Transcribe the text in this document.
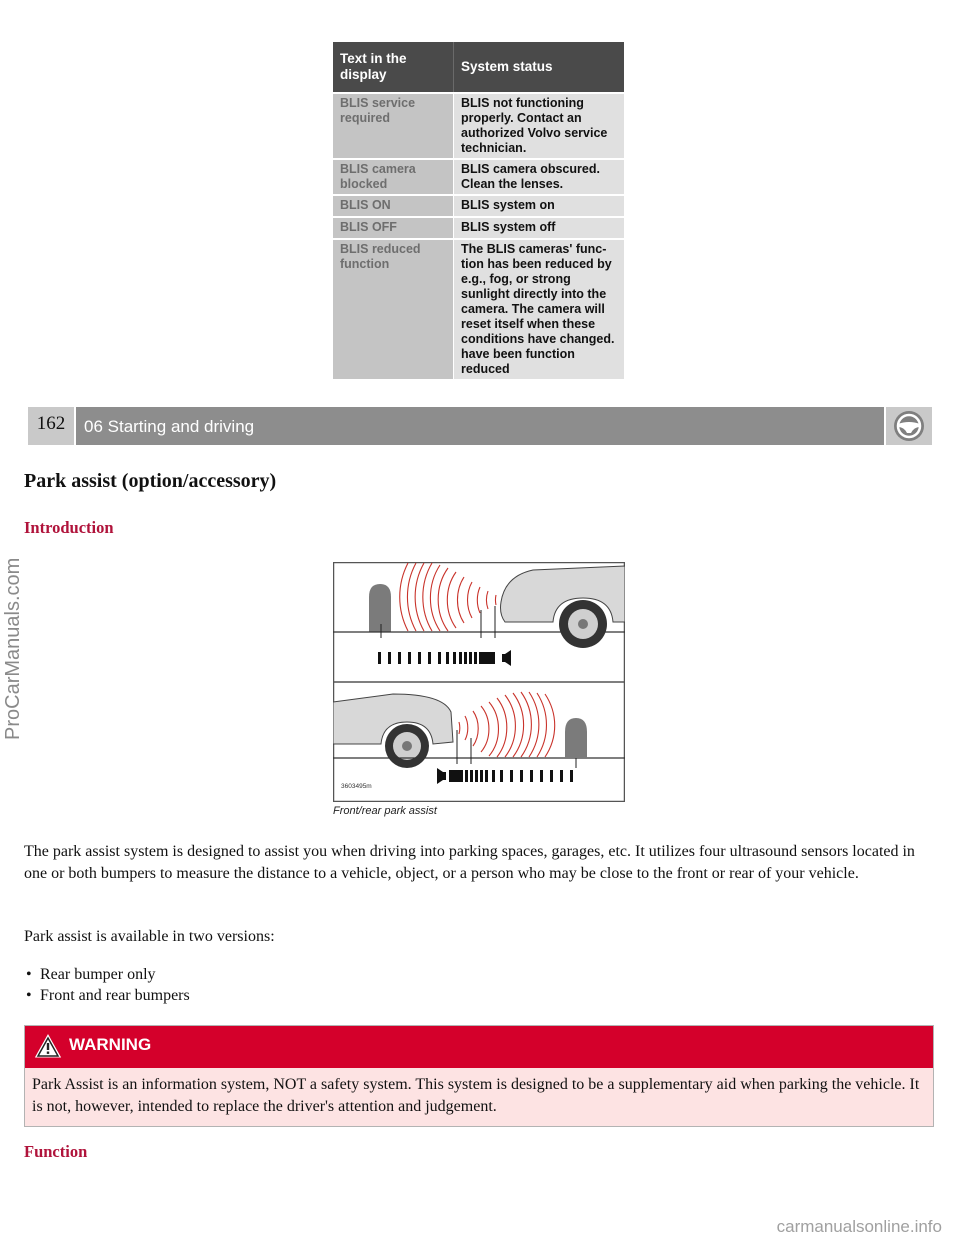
Text in the display	System status
BLIS service required	BLIS not functioning properly. Contact an authorized Volvo service technician.
BLIS camera blocked	BLIS camera obscured. Clean the lenses.
BLIS ON	BLIS system on
BLIS OFF	BLIS system off
BLIS reduced function	The BLIS cameras' func-tion has been reduced by e.g., fog, or strong sunlight directly into the camera. The camera will reset itself when these conditions have changed. have been function reduced
162	06 Starting and driving
Park assist (option/accessory)
Introduction
3603495m
Front/rear park assist

The park assist system is designed to assist you when driving into parking spaces, garages, etc. It utilizes four ultrasound sensors located in one or both bumpers to measure the distance to a vehicle, object, or a person who may be close to the front or rear of your vehicle.

Park assist is available in two versions:

• Rear bumper only
• Front and rear bumpers
WARNING

Park Assist is an information system, NOT a safety system. This system is designed to be a supplementary aid when parking the vehicle. It is not, however, intended to replace the driver's attention and judgement.

Function
ProCarManuals.com
carmanualsonline.info
